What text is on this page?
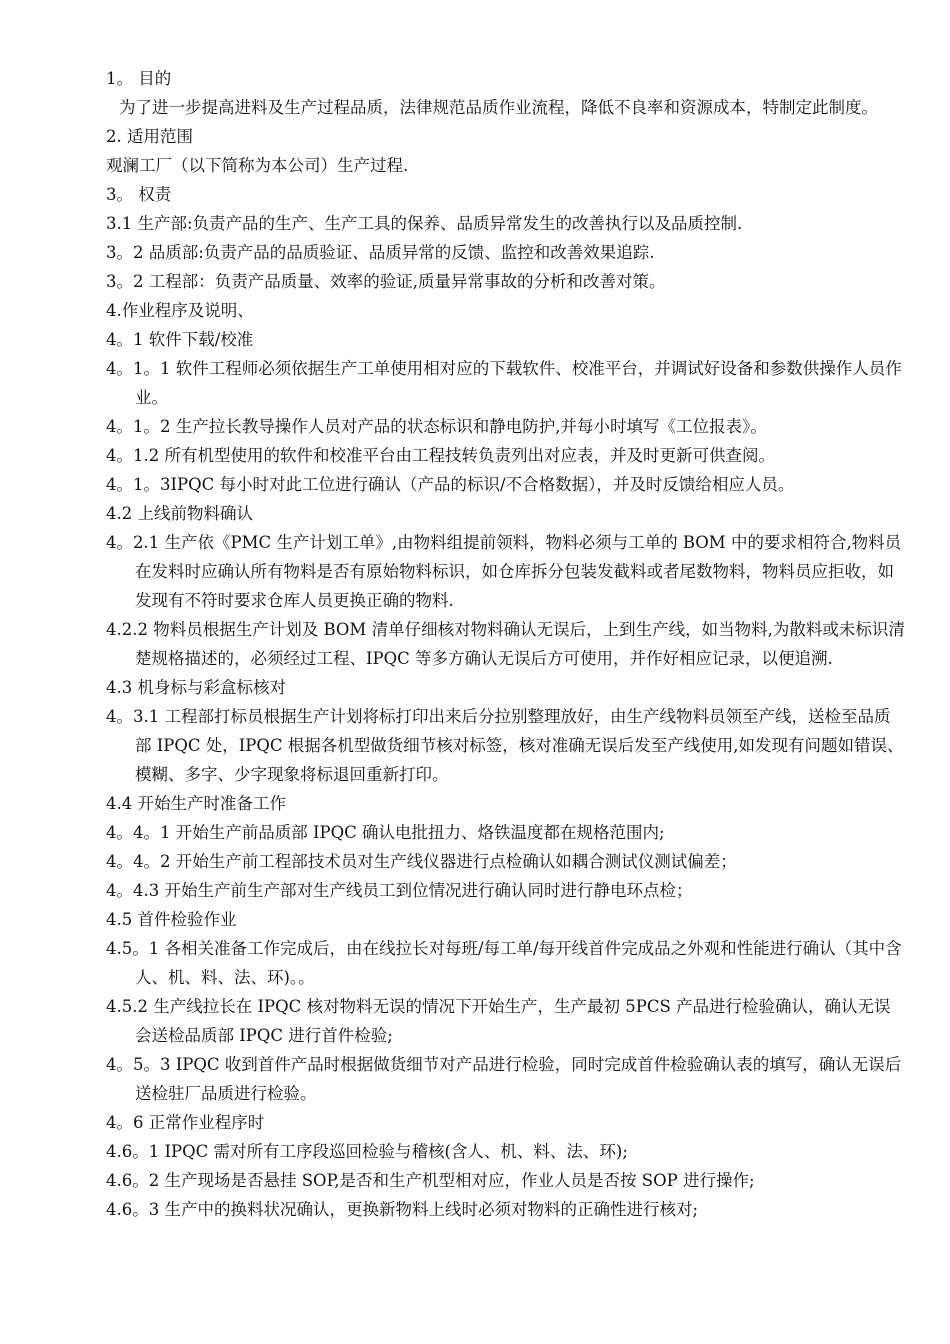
1。 目的

为了进一步提高进料及生产过程品质，法律规范品质作业流程，降低不良率和资源成本，特制定此制度。

2. 适用范围

观澜工厂（以下简称为本公司）生产过程.

3。 权责

3.1 生产部:负责产品的生产、生产工具的保养、品质异常发生的改善执行以及品质控制.

3。2 品质部:负责产品的品质验证、品质异常的反馈、监控和改善效果追踪.

3。2 工程部：负责产品质量、效率的验证,质量异常事故的分析和改善对策。

4.作业程序及说明、

4。1 软件下载/校准

4。1。1 软件工程师必须依据生产工单使用相对应的下载软件、校准平台，并调试好设备和参数供操作人员作业。

4。1。2 生产拉长教导操作人员对产品的状态标识和静电防护,并每小时填写《工位报表》。

4。1.2 所有机型使用的软件和校准平台由工程技转负责列出对应表，并及时更新可供查阅。

4。1。3IPQC 每小时对此工位进行确认（产品的标识/不合格数据），并及时反馈给相应人员。

4.2 上线前物料确认

4。2.1 生产依《PMC 生产计划工单》,由物料组提前领料，物料必须与工单的 BOM 中的要求相符合,物料员在发料时应确认所有物料是否有原始物料标识，如仓库拆分包装发截料或者尾数物料，物料员应拒收，如发现有不符时要求仓库人员更换正确的物料.

4.2.2 物料员根据生产计划及 BOM 清单仔细核对物料确认无误后，上到生产线，如当物料,为散料或未标识清楚规格描述的，必须经过工程、IPQC 等多方确认无误后方可使用，并作好相应记录，以便追溯.

4.3 机身标与彩盒标核对

4。3.1 工程部打标员根据生产计划将标打印出来后分拉别整理放好，由生产线物料员领至产线，送检至品质部 IPQC 处，IPQC 根据各机型做货细节核对标签，核对准确无误后发至产线使用,如发现有问题如错误、模糊、多字、少字现象将标退回重新打印。

4.4 开始生产时准备工作

4。4。1 开始生产前品质部 IPQC 确认电批扭力、烙铁温度都在规格范围内;

4。4。2 开始生产前工程部技术员对生产线仪器进行点检确认如耦合测试仪测试偏差；

4。4.3 开始生产前生产部对生产线员工到位情况进行确认同时进行静电环点检；

4.5 首件检验作业

4.5。1 各相关准备工作完成后，由在线拉长对每班/每工单/每开线首件完成品之外观和性能进行确认（其中含人、机、料、法、环)。。

4.5.2 生产线拉长在 IPQC 核对物料无误的情况下开始生产，生产最初 5PCS 产品进行检验确认，确认无误会送检品质部 IPQC 进行首件检验;

4。5。3 IPQC 收到首件产品时根据做货细节对产品进行检验，同时完成首件检验确认表的填写，确认无误后送检驻厂品质进行检验。

4。6 正常作业程序时

4.6。1 IPQC 需对所有工序段巡回检验与稽核(含人、机、料、法、环);

4.6。2 生产现场是否悬挂 SOP,是否和生产机型相对应，作业人员是否按 SOP 进行操作;

4.6。3 生产中的换料状况确认，更换新物料上线时必须对物料的正确性进行核对;
